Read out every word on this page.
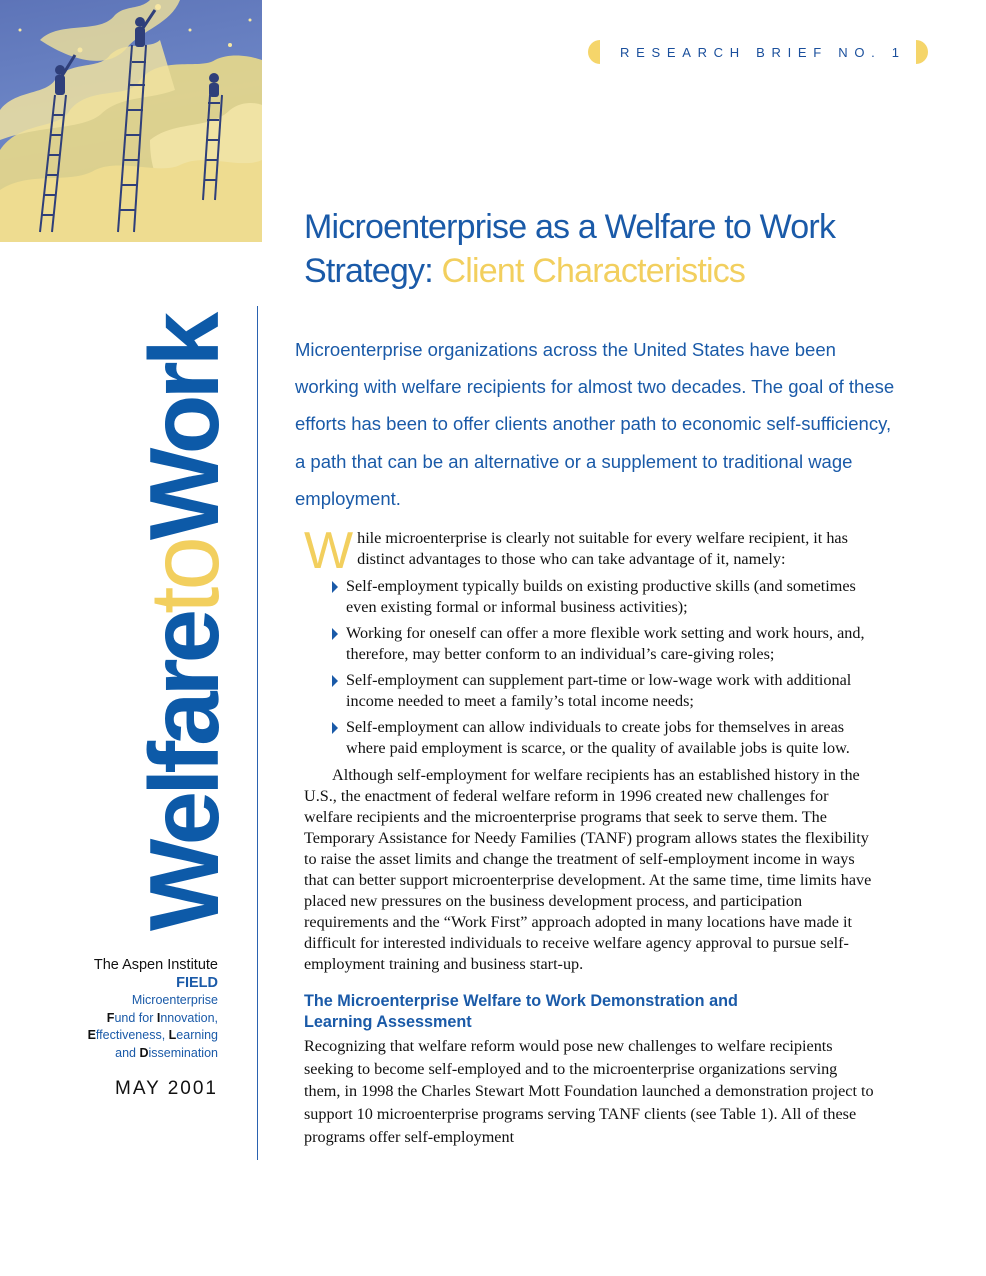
RESEARCH BRIEF NO. 1
Microenterprise as a Welfare to Work
Strategy: Client Characteristics
WelfaretoWork
The Aspen Institute
FIELD
Microenterprise
Fund for Innovation,
Effectiveness, Learning
and Dissemination
MAY 2001

Microenterprise organizations across the United States have been working with welfare recipients for almost two decades. The goal of these efforts has been to offer clients another path to economic self-sufficiency, a path that can be an alternative or a supplement to traditional wage employment.

While microenterprise is clearly not suitable for every welfare recipient, it has distinct advantages to those who can take advantage of it, namely:

Self-employment typically builds on existing productive skills (and sometimes even existing formal or informal business activities);
Working for oneself can offer a more flexible work setting and work hours, and, therefore, may better conform to an individual’s care-giving roles;
Self-employment can supplement part-time or low-wage work with additional income needed to meet a family’s total income needs;
Self-employment can allow individuals to create jobs for themselves in areas where paid employment is scarce, or the quality of available jobs is quite low.

Although self-employment for welfare recipients has an established history in the U.S., the enactment of federal welfare reform in 1996 created new challenges for welfare recipients and the microenterprise programs that seek to serve them. The Temporary Assistance for Needy Families (TANF) program allows states the flexibility to raise the asset limits and change the treatment of self-employment income in ways that can better support microenterprise development. At the same time, time limits have placed new pressures on the business development process, and participation requirements and the “Work First” approach adopted in many locations have made it difficult for interested individuals to receive welfare agency approval to pursue self-employment training and business start-up.

The Microenterprise Welfare to Work Demonstration and Learning Assessment

Recognizing that welfare reform would pose new challenges to welfare recipients seeking to become self-employed and to the microenterprise organizations serving them, in 1998 the Charles Stewart Mott Foundation launched a demonstration project to support 10 microenterprise programs serving TANF clients (see Table 1). All of these programs offer self-employment
